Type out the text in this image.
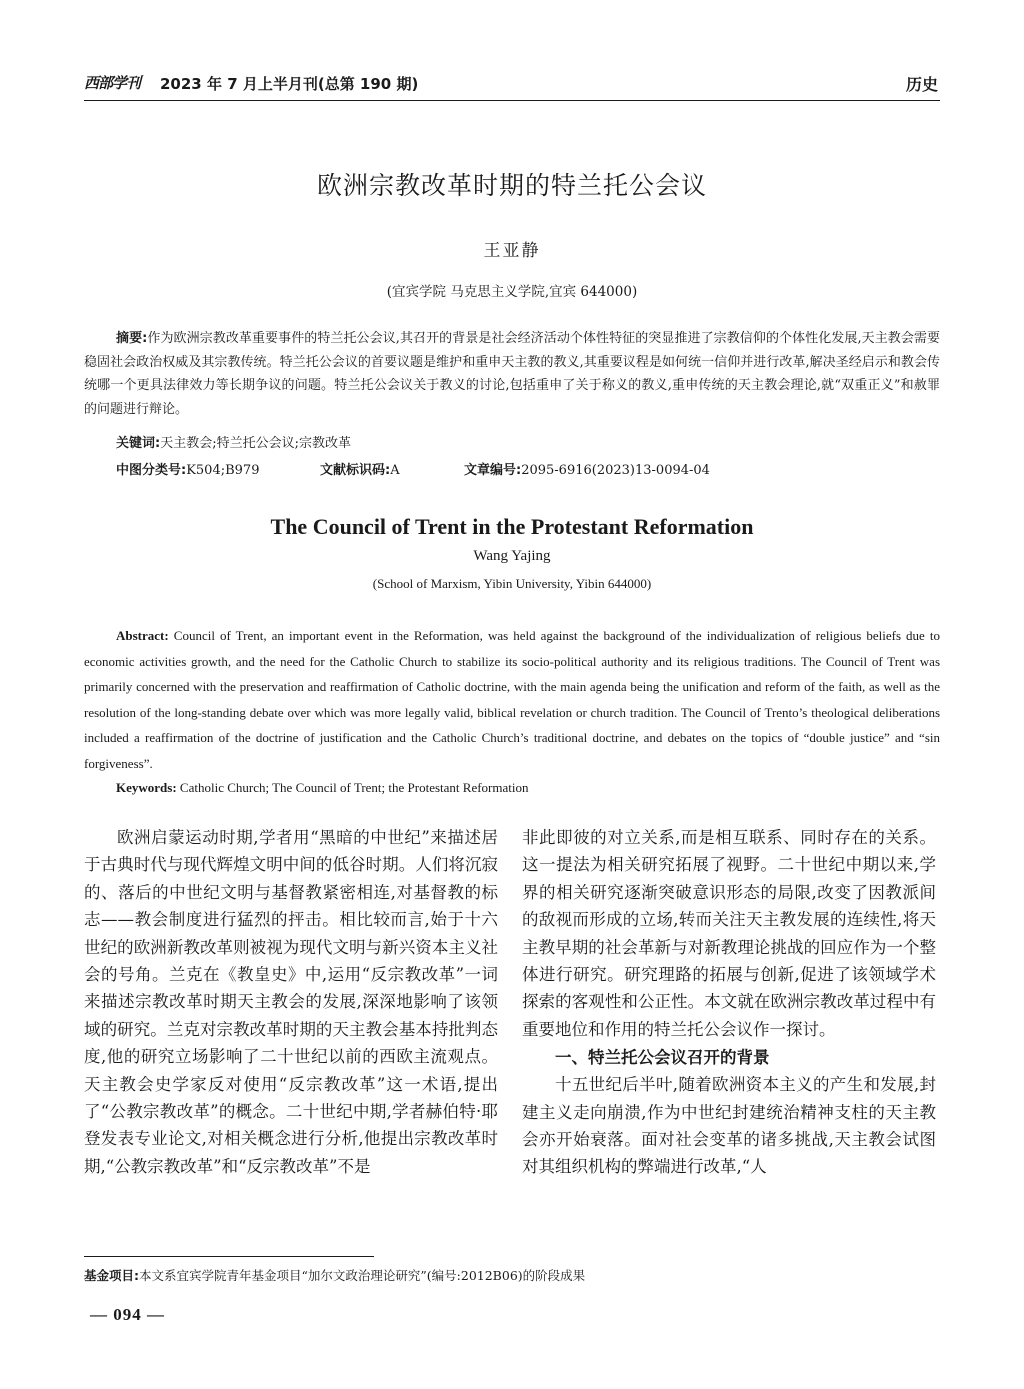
西部学刊 2023 年 7 月上半月刊(总第 190 期)	历史
欧洲宗教改革时期的特兰托公会议
王亚静
(宜宾学院 马克思主义学院,宜宾 644000)
摘要:作为欧洲宗教改革重要事件的特兰托公会议,其召开的背景是社会经济活动个体性特征的突显推进了宗教信仰的个体性化发展,天主教会需要稳固社会政治权威及其宗教传统。特兰托公会议的首要议题是维护和重申天主教的教义,其重要议程是如何统一信仰并进行改革,解决圣经启示和教会传统哪一个更具法律效力等长期争议的问题。特兰托公会议关于教义的讨论,包括重申了关于称义的教义,重申传统的天主教会理论,就“双重正义”和赦罪的问题进行辩论。
关键词:天主教会;特兰托公会议;宗教改革
中图分类号:K504;B979	文献标识码:A	文章编号:2095-6916(2023)13-0094-04
The Council of Trent in the Protestant Reformation
Wang Yajing
(School of Marxism, Yibin University, Yibin 644000)
Abstract: Council of Trent, an important event in the Reformation, was held against the background of the individualization of religious beliefs due to economic activities growth, and the need for the Catholic Church to stabilize its socio-political authority and its religious traditions. The Council of Trent was primarily concerned with the preservation and reaffirmation of Catholic doctrine, with the main agenda being the unification and reform of the faith, as well as the resolution of the long-standing debate over which was more legally valid, biblical revelation or church tradition. The Council of Trento’s theological deliberations included a reaffirmation of the doctrine of justification and the Catholic Church’s traditional doctrine, and debates on the topics of “double justice” and “sin forgiveness”.
Keywords: Catholic Church; The Council of Trent; the Protestant Reformation

欧洲启蒙运动时期,学者用“黑暗的中世纪”来描述居于古典时代与现代辉煌文明中间的低谷时期。人们将沉寂的、落后的中世纪文明与基督教紧密相连,对基督教的标志——教会制度进行猛烈的抨击。相比较而言,始于十六世纪的欧洲新教改革则被视为现代文明与新兴资本主义社会的号角。兰克在《教皇史》中,运用“反宗教改革”一词来描述宗教改革时期天主教会的发展,深深地影响了该领域的研究。兰克对宗教改革时期的天主教会基本持批判态度,他的研究立场影响了二十世纪以前的西欧主流观点。天主教会史学家反对使用“反宗教改革”这一术语,提出了“公教宗教改革”的概念。二十世纪中期,学者赫伯特·耶登发表专业论文,对相关概念进行分析,他提出宗教改革时期,“公教宗教改革”和“反宗教改革”不是

非此即彼的对立关系,而是相互联系、同时存在的关系。这一提法为相关研究拓展了视野。二十世纪中期以来,学界的相关研究逐渐突破意识形态的局限,改变了因教派间的敌视而形成的立场,转而关注天主教发展的连续性,将天主教早期的社会革新与对新教理论挑战的回应作为一个整体进行研究。研究理路的拓展与创新,促进了该领域学术探索的客观性和公正性。本文就在欧洲宗教改革过程中有重要地位和作用的特兰托公会议作一探讨。

一、特兰托公会议召开的背景

十五世纪后半叶,随着欧洲资本主义的产生和发展,封建主义走向崩溃,作为中世纪封建统治精神支柱的天主教会亦开始衰落。面对社会变革的诸多挑战,天主教会试图对其组织机构的弊端进行改革,“人

基金项目:本文系宜宾学院青年基金项目“加尔文政治理论研究”(编号:2012B06)的阶段成果
— 094 —
